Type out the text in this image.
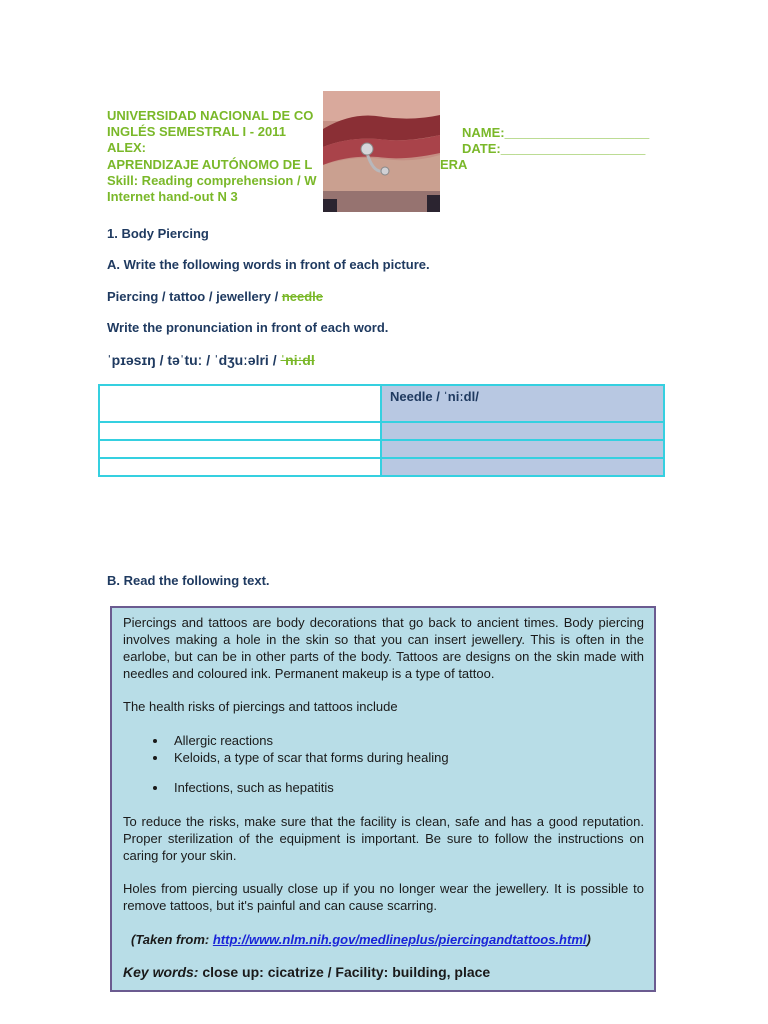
UNIVERSIDAD NACIONAL DE CO
INGLÉS SEMESTRAL I - 2011
ALEX:
APRENDIZAJE AUTÓNOMO DE L	ERA
Skill: Reading comprehension / W
Internet hand-out N 3
NAME:____________________
DATE:____________________
1. Body Piercing
A. Write the following words in front of each picture.
Piercing / tattoo / jewellery / needle
Write the pronunciation in front of each word.
ˈpɪəsɪŋ / təˈtuː / ˈdʒuːəlri / ˈniːdl
	Needle / ˈniːdl/

B. Read the following text.

Piercings and tattoos are body decorations that go back to ancient times. Body piercing involves making a hole in the skin so that you can insert jewellery. This is often in the earlobe, but can be in other parts of the body. Tattoos are designs on the skin made with needles and coloured ink. Permanent makeup is a type of tattoo.

The health risks of piercings and tattoos include

• Allergic reactions
• Keloids, a type of scar that forms during healing
• Infections, such as hepatitis

To reduce the risks, make sure that the facility is clean, safe and has a good reputation. Proper sterilization of the equipment is important. Be sure to follow the instructions on caring for your skin.

Holes from piercing usually close up if you no longer wear the jewellery. It is possible to remove tattoos, but it's painful and can cause scarring.

(Taken from: http://www.nlm.nih.gov/medlineplus/piercingandtattoos.html)

Key words: close up: cicatrize / Facility: building, place
